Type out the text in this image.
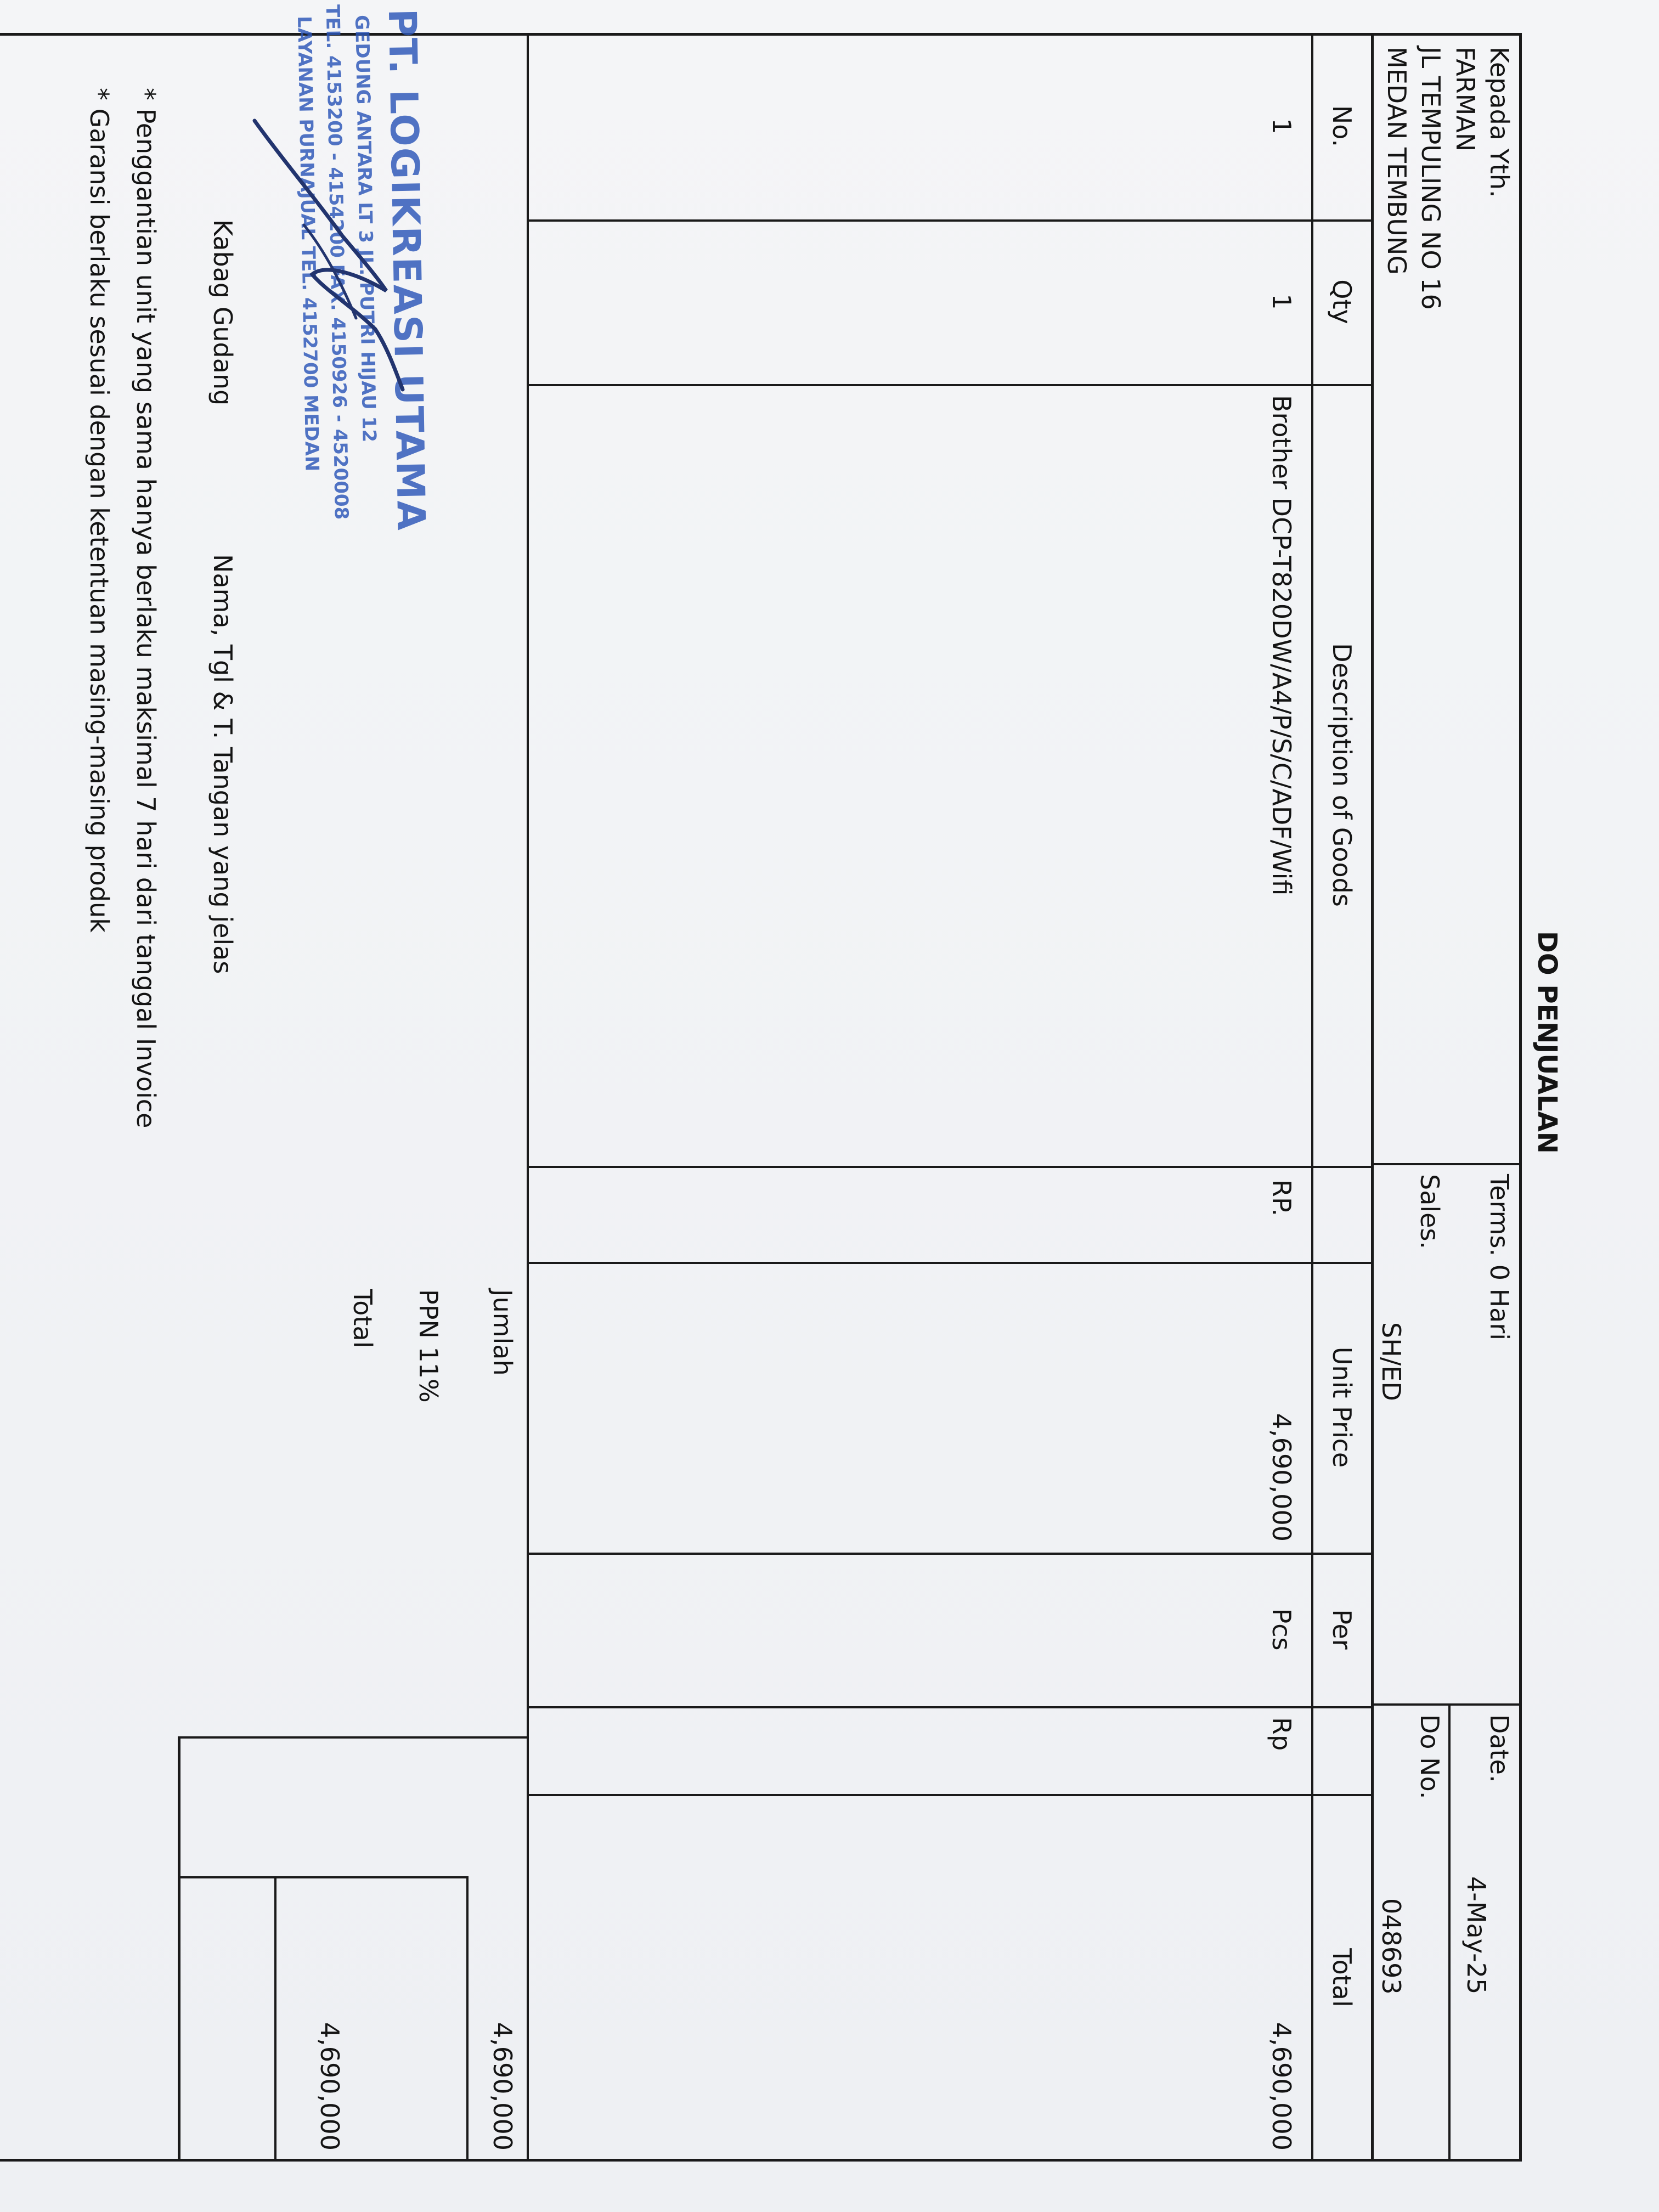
DO PENJUALAN
Kepada Yth.
FARMAN
JL TEMPULING NO 16
MEDAN TEMBUNG
Terms. 0 Hari
Sales.
SH/ED
Date.
4-May-25
Do No.
048693
No.
Qty
Description of Goods
Unit Price
Per
Total
1
1
Brother DCP-T820DW/A4/P/S/C/ADF/Wifi
RP.
4,690,000
Pcs
Rp
4,690,000
Jumlah
4,690,000
PPN 11%
Total
4,690,000
PT. LOGIKREASI UTAMA
GEDUNG ANTARA LT 3 JL. PUTRI HIJAU 12
TEL. 4153200 - 4154200 FAX. 4150926 - 4520008
LAYANAN PURNAJUAL TEL. 4152700 MEDAN
Kabag Gudang
Nama, Tgl & T. Tangan yang jelas
* Penggantian unit yang sama hanya berlaku maksimal 7 hari dari tanggal Invoice
* Garansi berlaku sesuai dengan ketentuan masing-masing produk
